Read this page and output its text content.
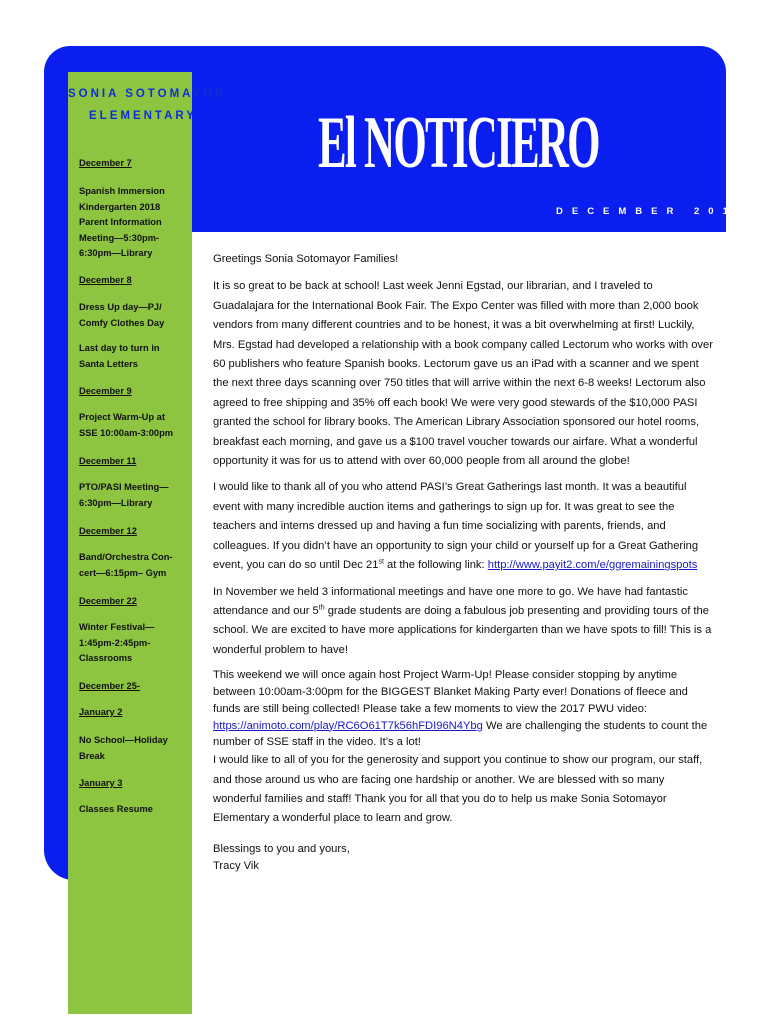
El NOTICIERO
DECEMBER 2017
SONIA SOTOMAYOR
ELEMENTARY
December 7
Spanish Immersion
Kindergarten 2018
Parent Information
Meeting—5:30pm-
6:30pm—Library
December 8
Dress Up day—PJ/
Comfy Clothes Day
Last day to turn in
Santa Letters
December 9
Project Warm-Up at
SSE 10:00am-3:00pm
December 11
PTO/PASI Meeting—
6:30pm—Library
December 12
Band/Orchestra Con-
cert—6:15pm– Gym
December 22
Winter Festival—
1:45pm-2:45pm-
Classrooms
December 25-
January 2
No School—Holiday
Break
January 3
Classes Resume

Greetings Sonia Sotomayor Families!

It is so great to be back at school! Last week Jenni Egstad, our librarian, and I traveled to Guadalajara for the International Book Fair. The Expo Center was filled with more than 2,000 book vendors from many different countries and to be honest, it was a bit overwhelming at first! Luckily, Mrs. Egstad had developed a relationship with a book company called Lectorum who works with over 60 publishers who feature Spanish books. Lectorum gave us an iPad with a scanner and we spent the next three days scanning over 750 titles that will arrive within the next 6-8 weeks! Lectorum also agreed to free shipping and 35% off each book! We were very good stewards of the $10,000 PASI granted the school for library books. The American Library Association sponsored our hotel rooms, breakfast each morning, and gave us a $100 travel voucher towards our airfare. What a wonderful opportunity it was for us to attend with over 60,000 people from all around the globe!

I would like to thank all of you who attend PASI’s Great Gatherings last month. It was a beautiful event with many incredible auction items and gatherings to sign up for. It was great to see the teachers and interns dressed up and having a fun time socializing with parents, friends, and colleagues. If you didn’t have an opportunity to sign your child or yourself up for a Great Gathering event, you can do so until Dec 21st at the following link: http://www.payit2.com/e/ggremainingspots

In November we held 3 informational meetings and have one more to go. We have had fantastic attendance and our 5th grade students are doing a fabulous job presenting and providing tours of the school. We are excited to have more applications for kindergarten than we have spots to fill! This is a wonderful problem to have!

This weekend we will once again host Project Warm-Up! Please consider stopping by anytime between 10:00am-3:00pm for the BIGGEST Blanket Making Party ever! Donations of fleece and funds are still being collected! Please take a few moments to view the 2017 PWU video: https://animoto.com/play/RC6O61T7k56hFDI96N4Ybg We are challenging the students to count the number of SSE staff in the video. It’s a lot!

I would like to all of you for the generosity and support you continue to show our program, our staff, and those around us who are facing one hardship or another. We are blessed with so many wonderful families and staff! Thank you for all that you do to help us make Sonia Sotomayor Elementary a wonderful place to learn and grow.

Blessings to you and yours,
Tracy Vik
